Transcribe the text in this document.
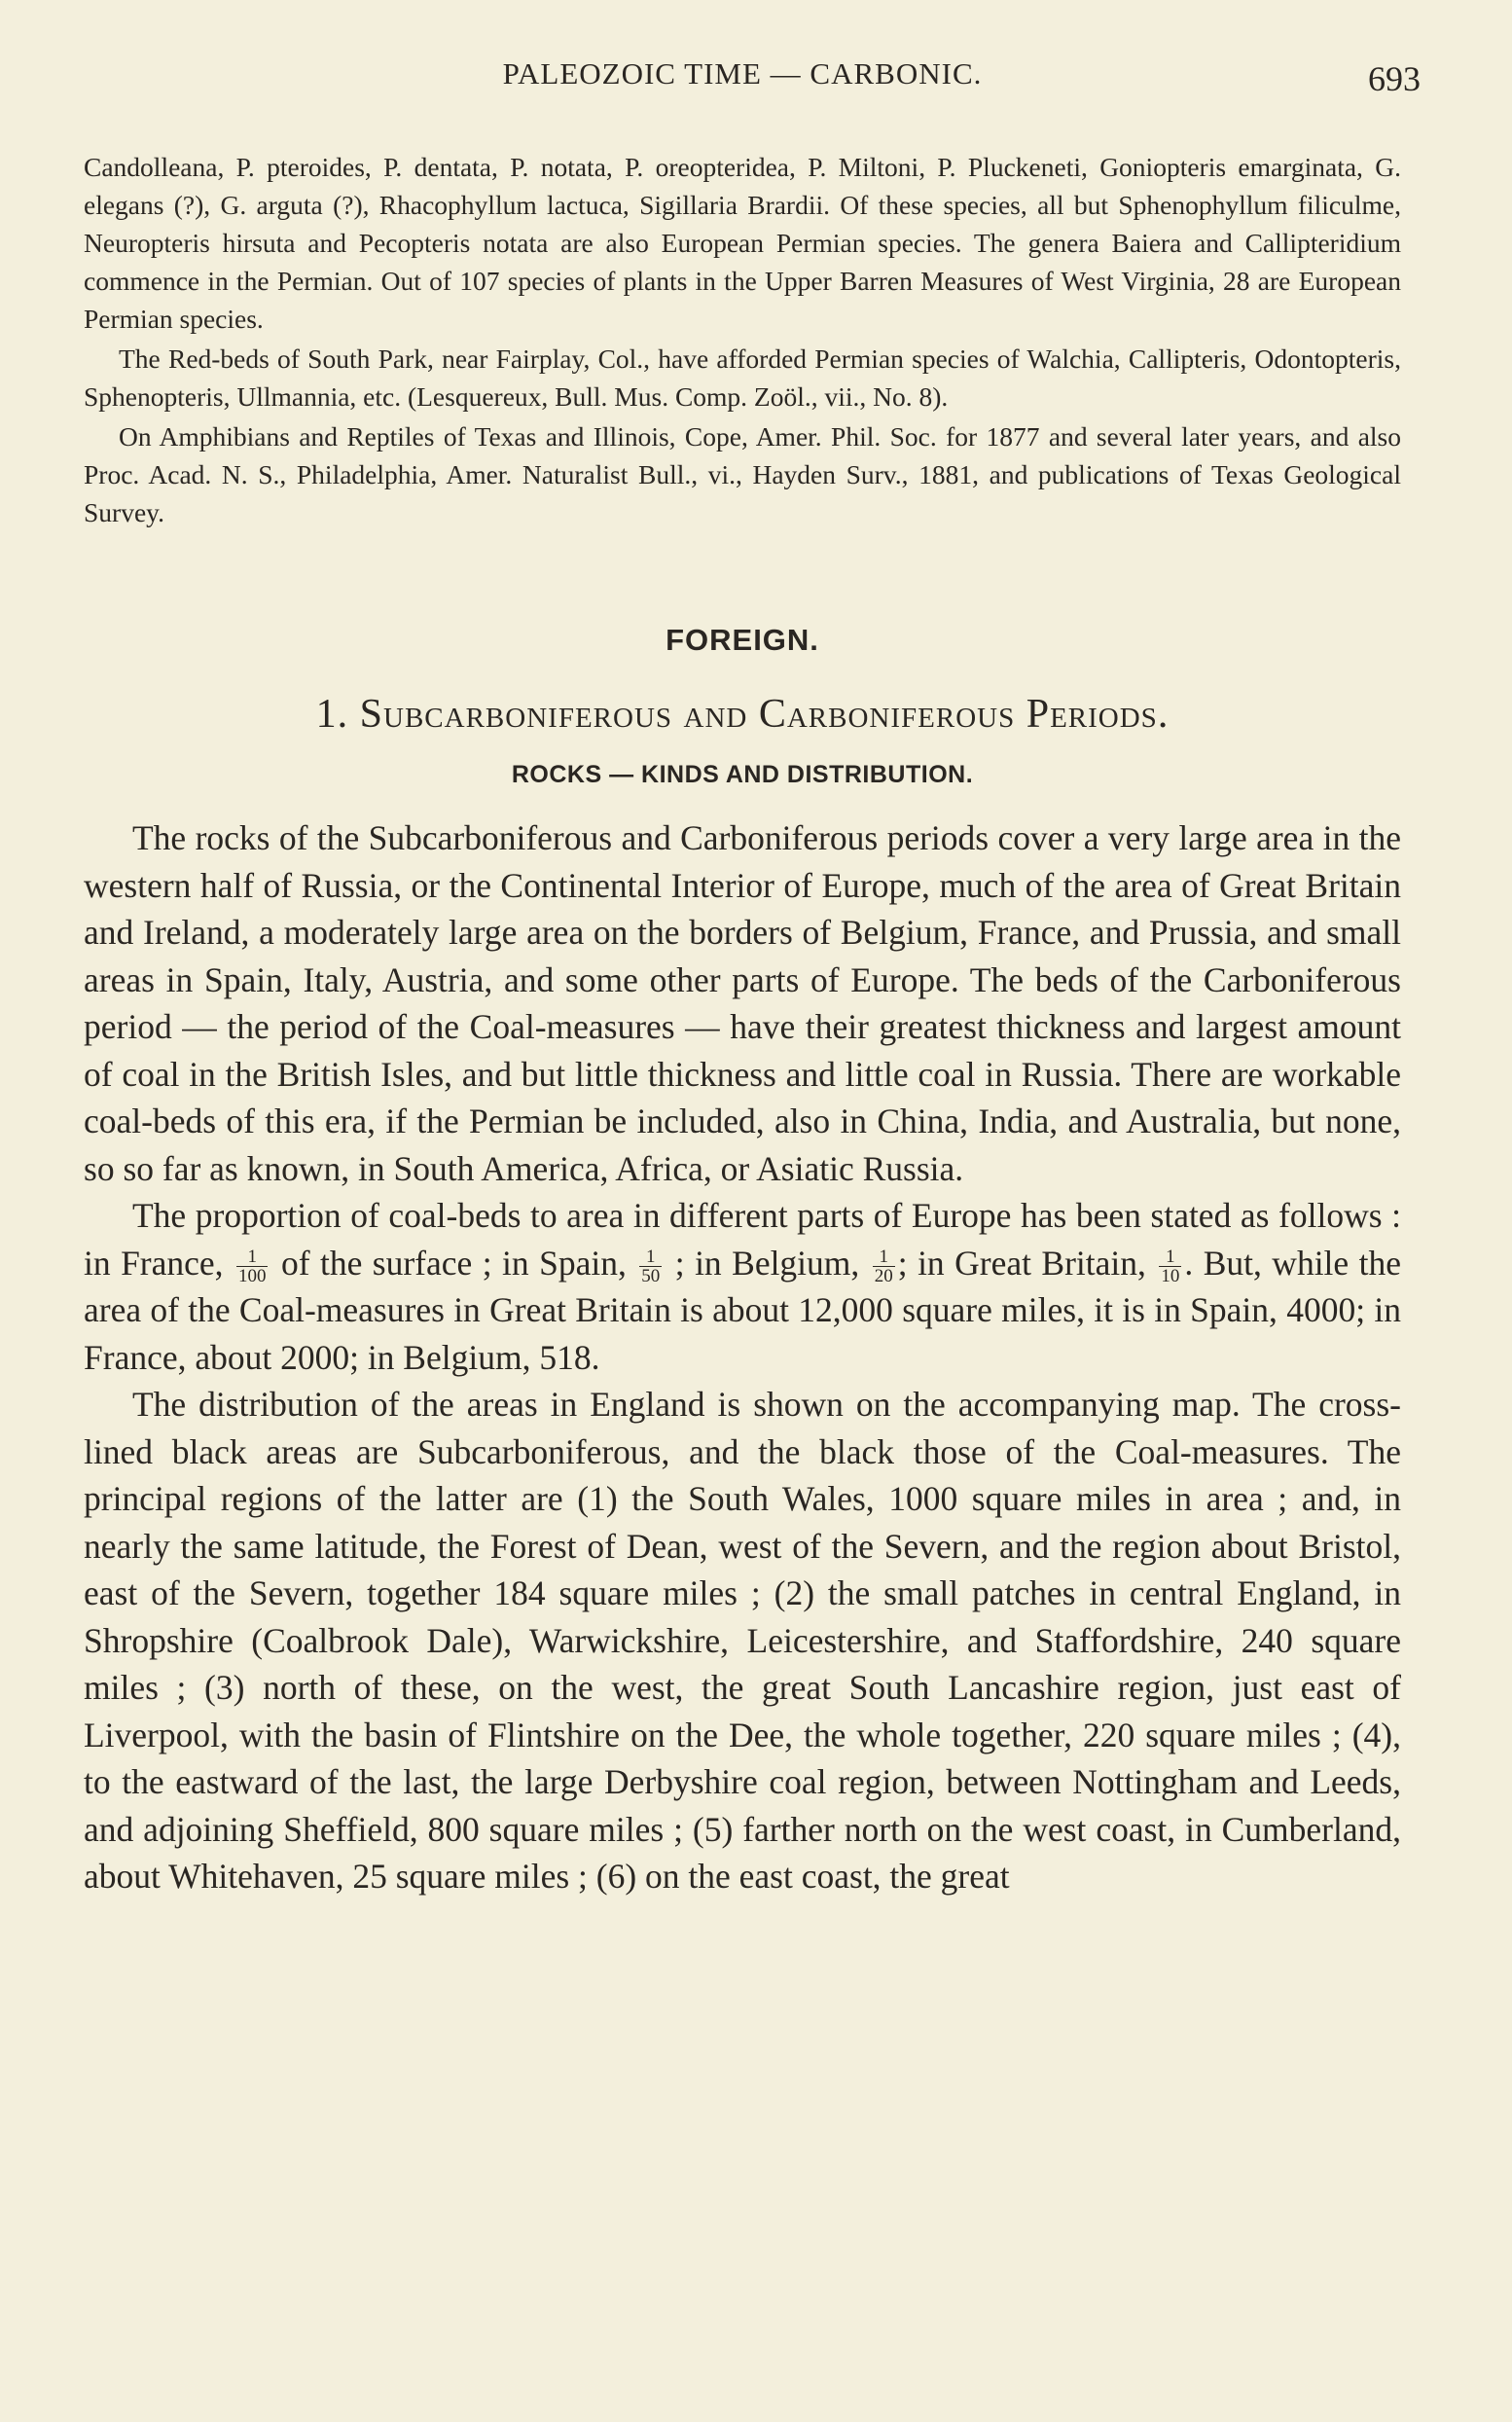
PALEOZOIC TIME — CARBONIC.	693

Candolleana, P. pteroides, P. dentata, P. notata, P. oreopteridea, P. Miltoni, P. Pluckeneti, Goniopteris emarginata, G. elegans (?), G. arguta (?), Rhacophyllum lactuca, Sigillaria Brardii. Of these species, all but Sphenophyllum filiculme, Neuropteris hirsuta and Pecopteris notata are also European Permian species. The genera Baiera and Callipteridium commence in the Permian. Out of 107 species of plants in the Upper Barren Measures of West Virginia, 28 are European Permian species.

The Red-beds of South Park, near Fairplay, Col., have afforded Permian species of Walchia, Callipteris, Odontopteris, Sphenopteris, Ullmannia, etc. (Lesquereux, Bull. Mus. Comp. Zoöl., vii., No. 8).

On Amphibians and Reptiles of Texas and Illinois, Cope, Amer. Phil. Soc. for 1877 and several later years, and also Proc. Acad. N. S., Philadelphia, Amer. Naturalist Bull., vi., Hayden Surv., 1881, and publications of Texas Geological Survey.

FOREIGN.
1. Subcarboniferous and Carboniferous Periods.
ROCKS — KINDS AND DISTRIBUTION.

The rocks of the Subcarboniferous and Carboniferous periods cover a very large area in the western half of Russia, or the Continental Interior of Europe, much of the area of Great Britain and Ireland, a moderately large area on the borders of Belgium, France, and Prussia, and small areas in Spain, Italy, Austria, and some other parts of Europe. The beds of the Carboniferous period — the period of the Coal-measures — have their greatest thickness and largest amount of coal in the British Isles, and but little thickness and little coal in Russia. There are workable coal-beds of this era, if the Permian be included, also in China, India, and Australia, but none, so so far as known, in South America, Africa, or Asiatic Russia.

The proportion of coal-beds to area in different parts of Europe has been stated as follows : in France, $\frac{1}{100}$ of the surface ; in Spain, $\frac{1}{50}$ ; in Belgium, $\frac{1}{20}$ ; in Great Britain, $\frac{1}{10}$ . But, while the area of the Coal-measures in Great Britain is about 12,000 square miles, it is in Spain, 4000; in France, about 2000; in Belgium, 518.

The distribution of the areas in England is shown on the accompanying map. The cross-lined black areas are Subcarboniferous, and the black those of the Coal-measures. The principal regions of the latter are (1) the South Wales, 1000 square miles in area ; and, in nearly the same latitude, the Forest of Dean, west of the Severn, and the region about Bristol, east of the Severn, together 184 square miles ; (2) the small patches in central England, in Shropshire (Coalbrook Dale), Warwickshire, Leicestershire, and Staffordshire, 240 square miles ; (3) north of these, on the west, the great South Lancashire region, just east of Liverpool, with the basin of Flintshire on the Dee, the whole together, 220 square miles ; (4), to the eastward of the last, the large Derbyshire coal region, between Nottingham and Leeds, and adjoining Sheffield, 800 square miles ; (5) farther north on the west coast, in Cumberland, about Whitehaven, 25 square miles ; (6) on the east coast, the great
